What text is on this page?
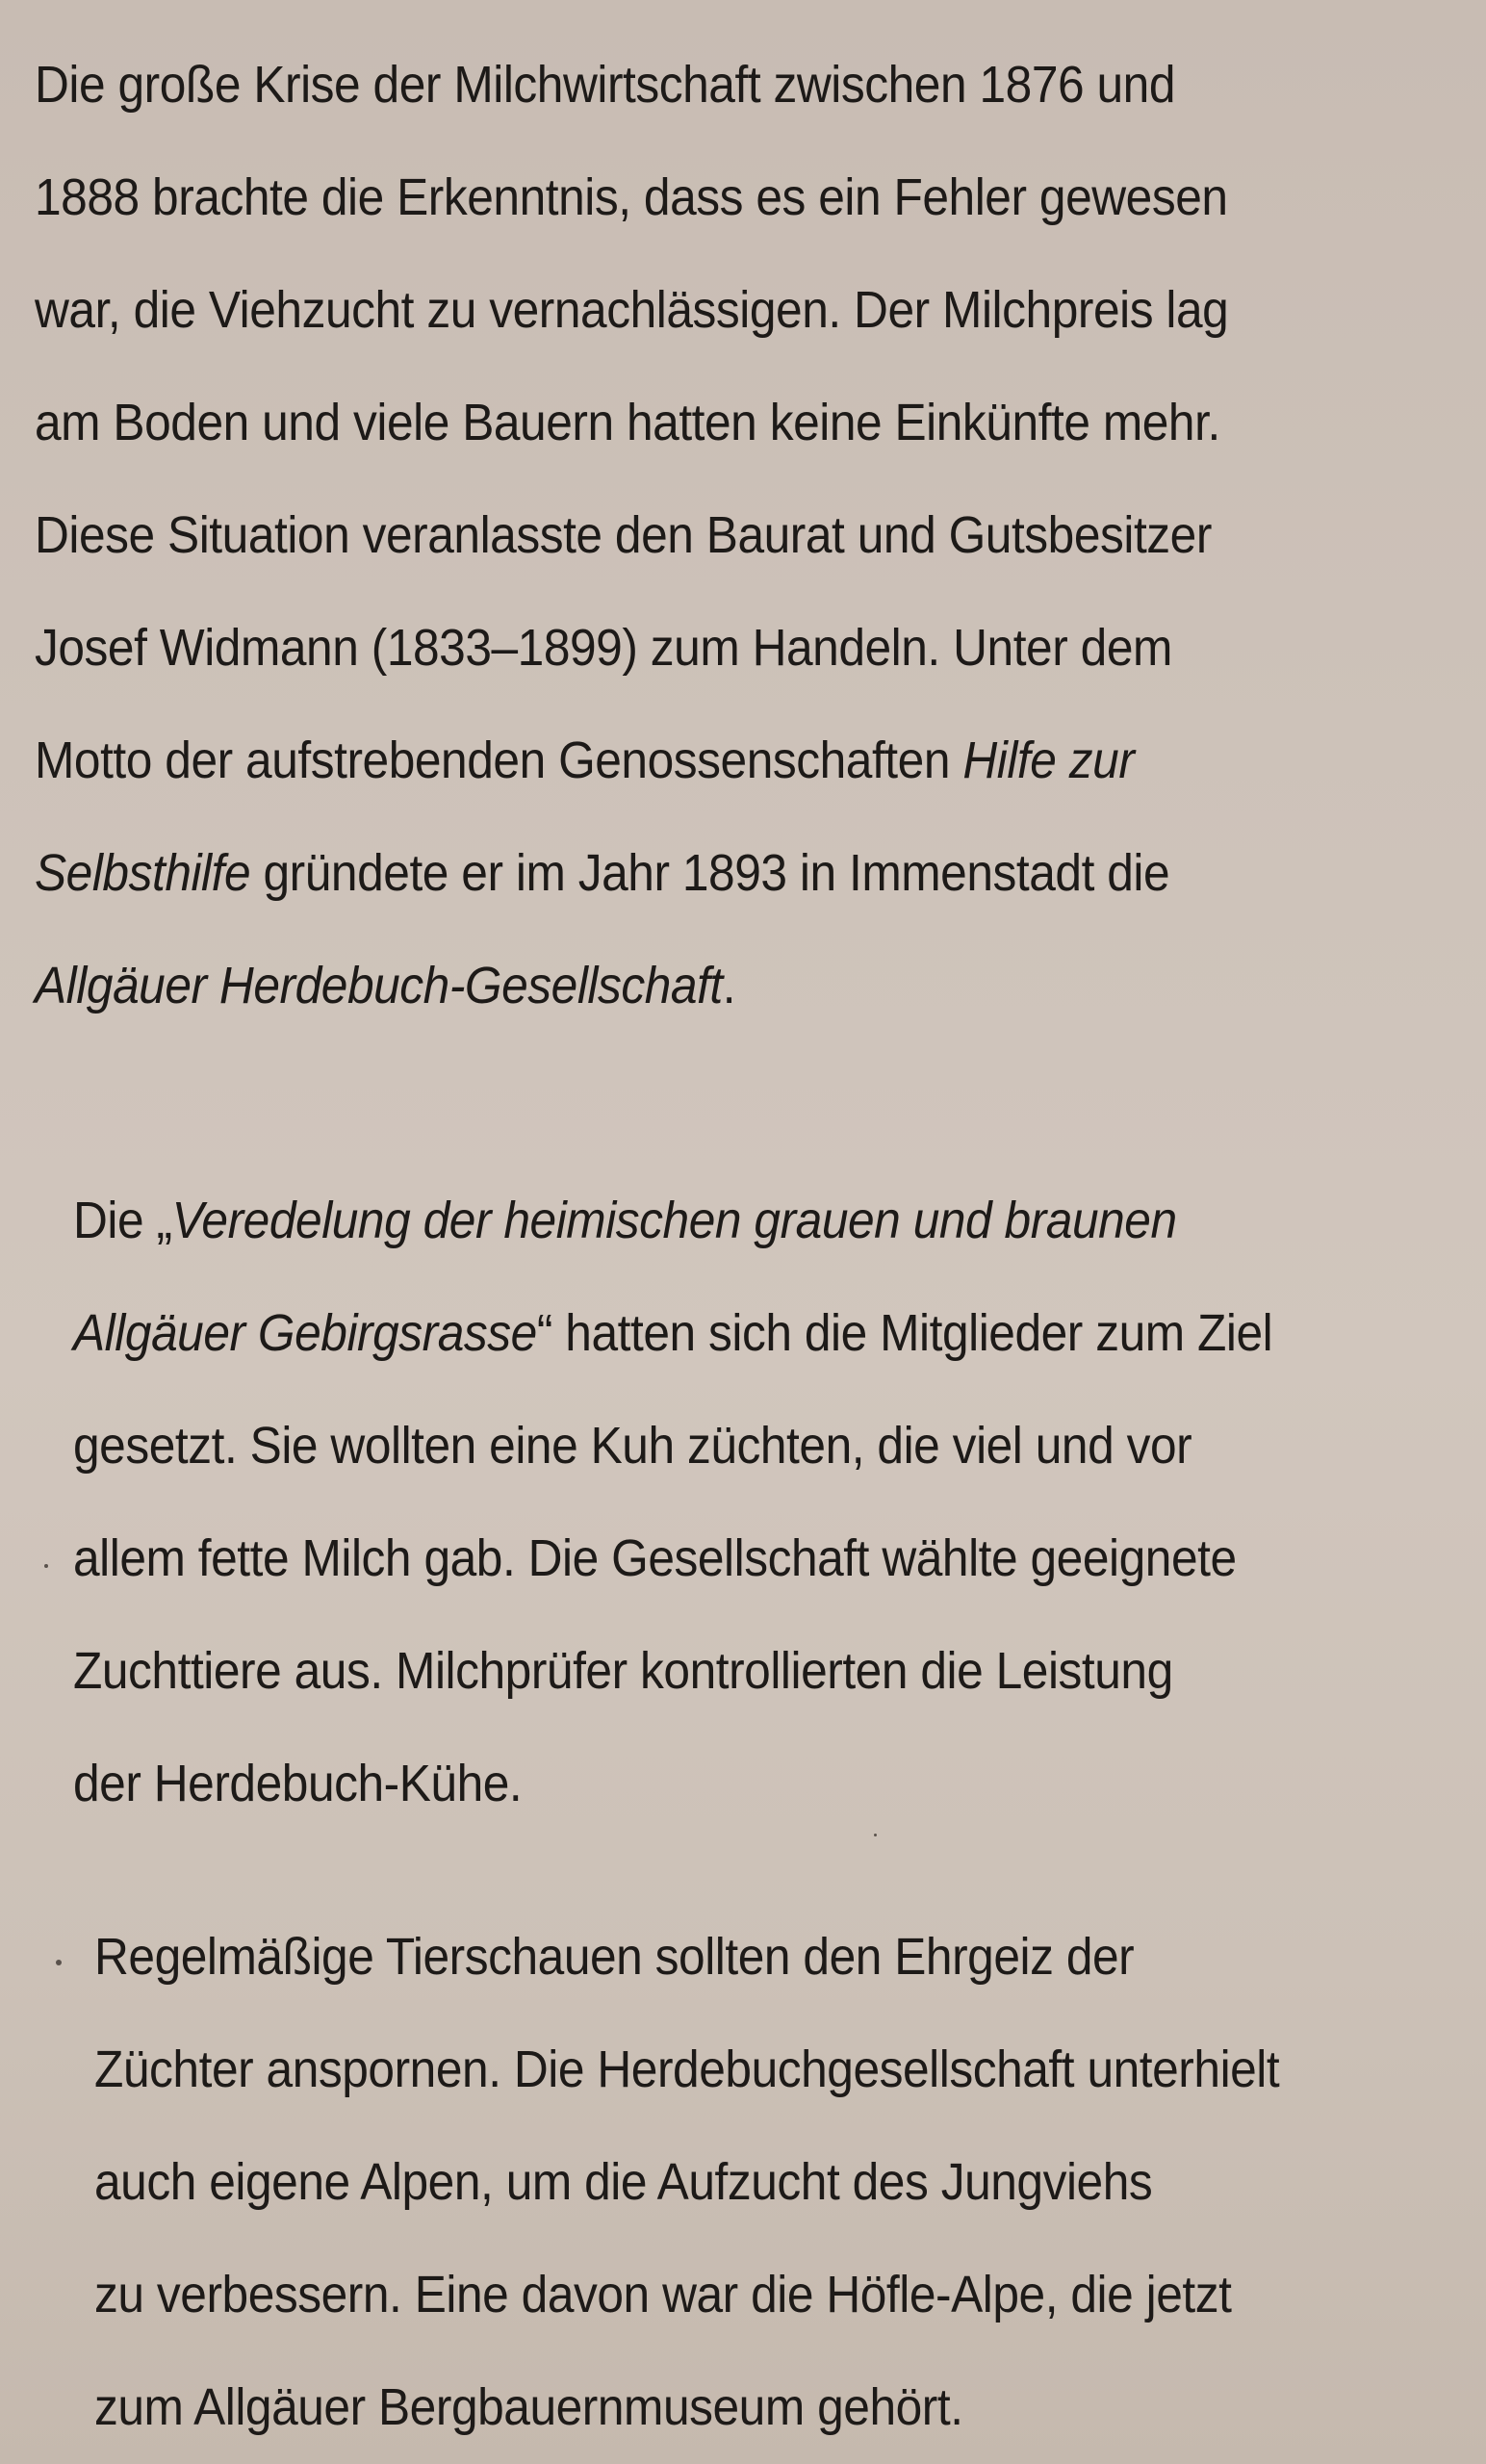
Die große Krise der Milchwirtschaft zwischen 1876 und
1888 brachte die Erkenntnis, dass es ein Fehler gewesen
war, die Viehzucht zu vernachlässigen. Der Milchpreis lag
am Boden und viele Bauern hatten keine Einkünfte mehr.
Diese Situation veranlasste den Baurat und Gutsbesitzer
Josef Widmann (1833–1899) zum Handeln. Unter dem
Motto der aufstrebenden Genossenschaften Hilfe zur
Selbsthilfe gründete er im Jahr 1893 in Immenstadt die
Allgäuer Herdebuch-Gesellschaft.

Die „Veredelung der heimischen grauen und braunen
Allgäuer Gebirgsrasse“ hatten sich die Mitglieder zum Ziel
gesetzt. Sie wollten eine Kuh züchten, die viel und vor
allem fette Milch gab. Die Gesellschaft wählte geeignete
Zuchttiere aus. Milchprüfer kontrollierten die Leistung
der Herdebuch-Kühe.

Regelmäßige Tierschauen sollten den Ehrgeiz der
Züchter anspornen. Die Herdebuchgesellschaft unterhielt
auch eigene Alpen, um die Aufzucht des Jungviehs
zu verbessern. Eine davon war die Höfle-Alpe, die jetzt
zum Allgäuer Bergbauernmuseum gehört.
